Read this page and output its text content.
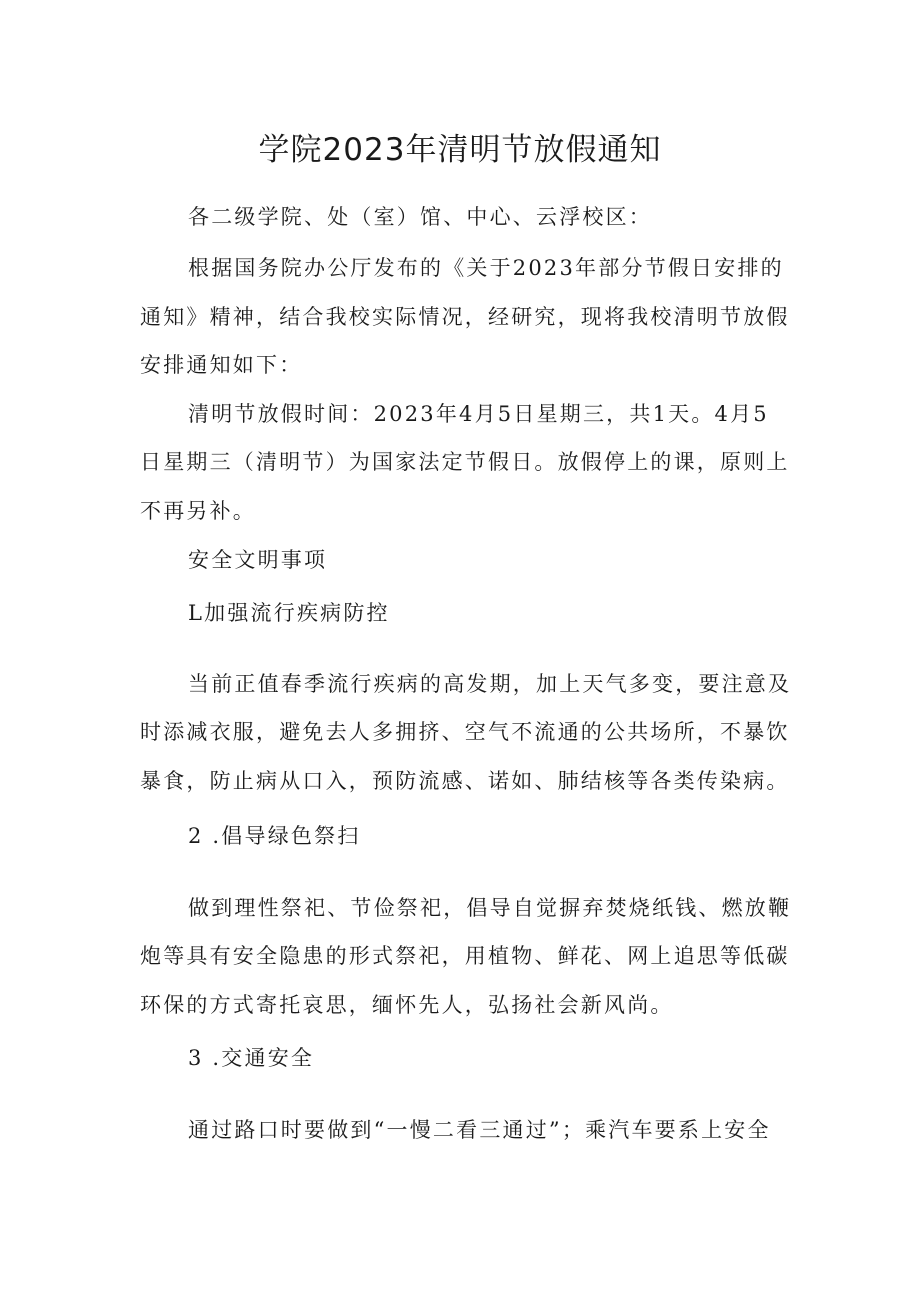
学院2023年清明节放假通知
各二级学院、处（室）馆、中心、云浮校区：
根据国务院办公厅发布的《关于2023年部分节假日安排的
通知》精神，结合我校实际情况，经研究，现将我校清明节放假
安排通知如下：
清明节放假时间：2023年4月5日星期三，共1天。4月5
日星期三（清明节）为国家法定节假日。放假停上的课，原则上
不再另补。
安全文明事项
L加强流行疾病防控
当前正值春季流行疾病的高发期，加上天气多变，要注意及
时添减衣服，避免去人多拥挤、空气不流通的公共场所，不暴饮
暴食，防止病从口入，预防流感、诺如、肺结核等各类传染病。
2 .倡导绿色祭扫
做到理性祭祀、节俭祭祀，倡导自觉摒弃焚烧纸钱、燃放鞭
炮等具有安全隐患的形式祭祀，用植物、鲜花、网上追思等低碳
环保的方式寄托哀思，缅怀先人，弘扬社会新风尚。
3 .交通安全
通过路口时要做到“一慢二看三通过”；乘汽车要系上安全
